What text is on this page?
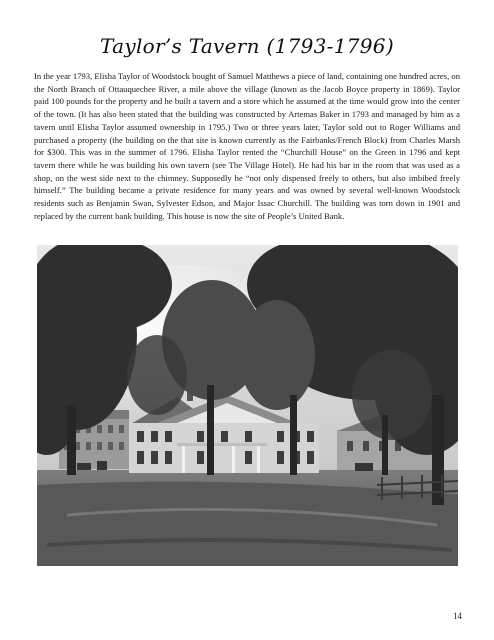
Taylor’s Tavern (1793-1796)
In the year 1793, Elisha Taylor of Woodstock bought of Samuel Matthews a piece of land, containing one hundred acres, on the North Branch of Ottauquechee River, a mile above the village (known as the Jacob Boyce property in 1869). Taylor paid 100 pounds for the property and he built a tavern and a store which he assumed at the time would grow into the center of the town. (It has also been stated that the building was constructed by Artemas Baker in 1793 and managed by him as a tavern until Elisha Taylor assumed ownership in 1795.) Two or three years later, Taylor sold out to Roger Williams and purchased a property (the building on the that site is known currently as the Fairbanks/French Block) from Charles Marsh for $300. This was in the summer of 1796. Elisha Taylor rented the “Churchill House” on the Green in 1796 and kept tavern there while he was building his own tavern (see The Village Hotel). He had his bar in the room that was used as a shop, on the west side next to the chimney. Supposedly he “not only dispensed freely to others, but also imbibed freely himself.” The building became a private residence for many years and was owned by several well-known Woodstock residents such as Benjamin Swan, Sylvester Edson, and Major Issac Churchill. The building was torn down in 1901 and replaced by the current bank building. This house is now the site of People’s United Bank.
14
